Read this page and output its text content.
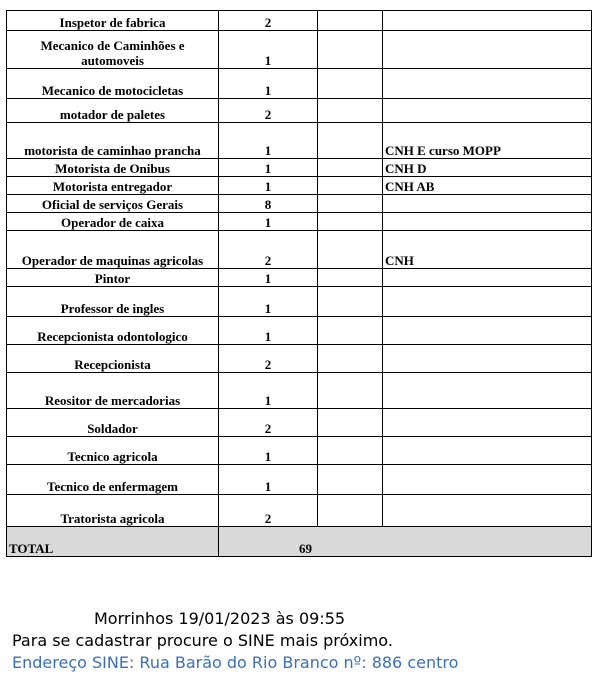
Inspetor de fabrica	2		
Mecanico de Caminhões e automoveis	1		
Mecanico de motocicletas	1		
motador de paletes	2		
motorista de caminhao prancha	1		CNH E curso MOPP
Motorista de Onibus	1		CNH D
Motorista entregador	1		CNH AB
Oficial de serviços Gerais	8		
Operador de caixa	1		
Operador de maquinas agricolas	2		CNH
Pintor	1		
Professor de ingles	1		
Recepcionista odontologico	1		
Recepcionista	2		
Reositor de mercadorias	1		
Soldador	2		
Tecnico agricola	1		
Tecnico de enfermagem	1		
Tratorista agricola	2		
TOTAL	69		
Morrinhos 19/01/2023 às 09:55
Para se cadastrar procure o SINE mais próximo.
Endereço SINE: Rua Barão do Rio Branco nº: 886 centro
